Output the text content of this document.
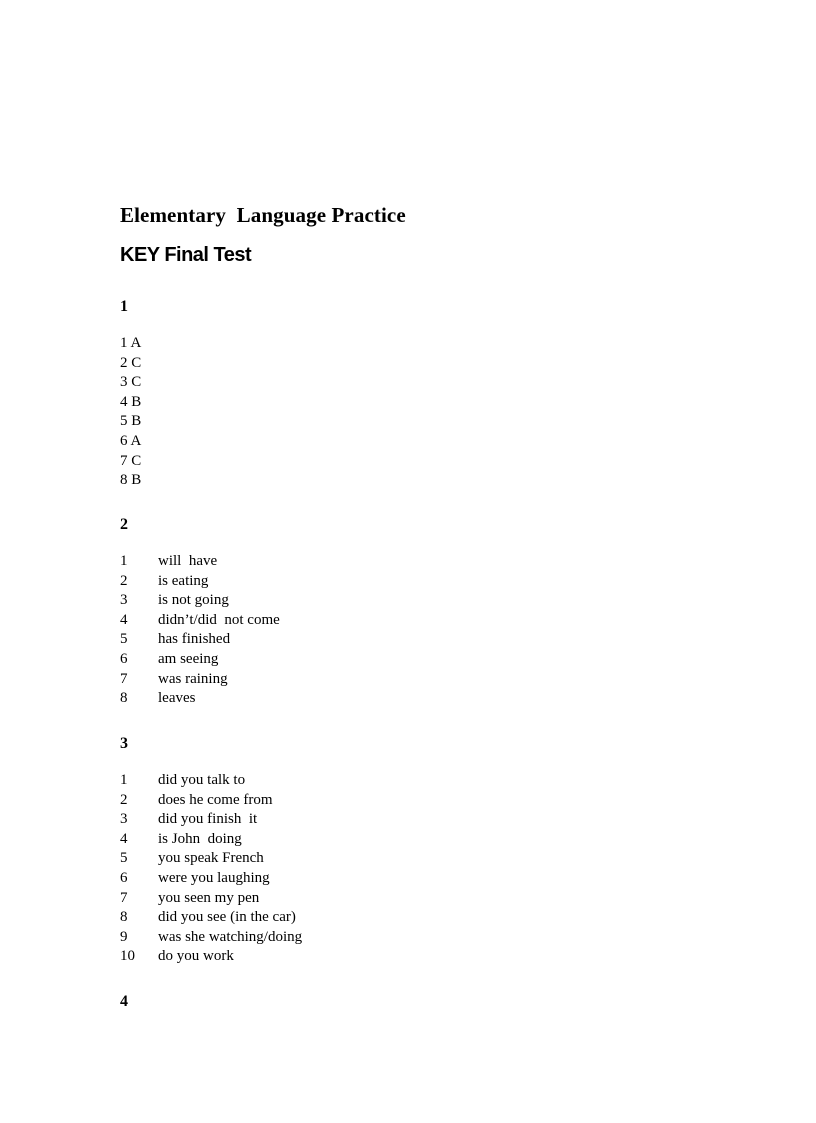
Elementary  Language Practice
KEY Final Test
1
1 A
2 C
3 C
4 B
5 B
6 A
7 C
8 B
2
1 will  have
2 is eating
3 is not going
4 didn’t/did  not come
5 has finished
6 am seeing
7 was raining
8 leaves
3
1 did you talk to
2 does he come from
3 did you finish  it
4 is John  doing
5 you speak French
6 were you laughing
7 you seen my pen
8 did you see (in the car)
9 was she watching/doing
10 do you work
4
